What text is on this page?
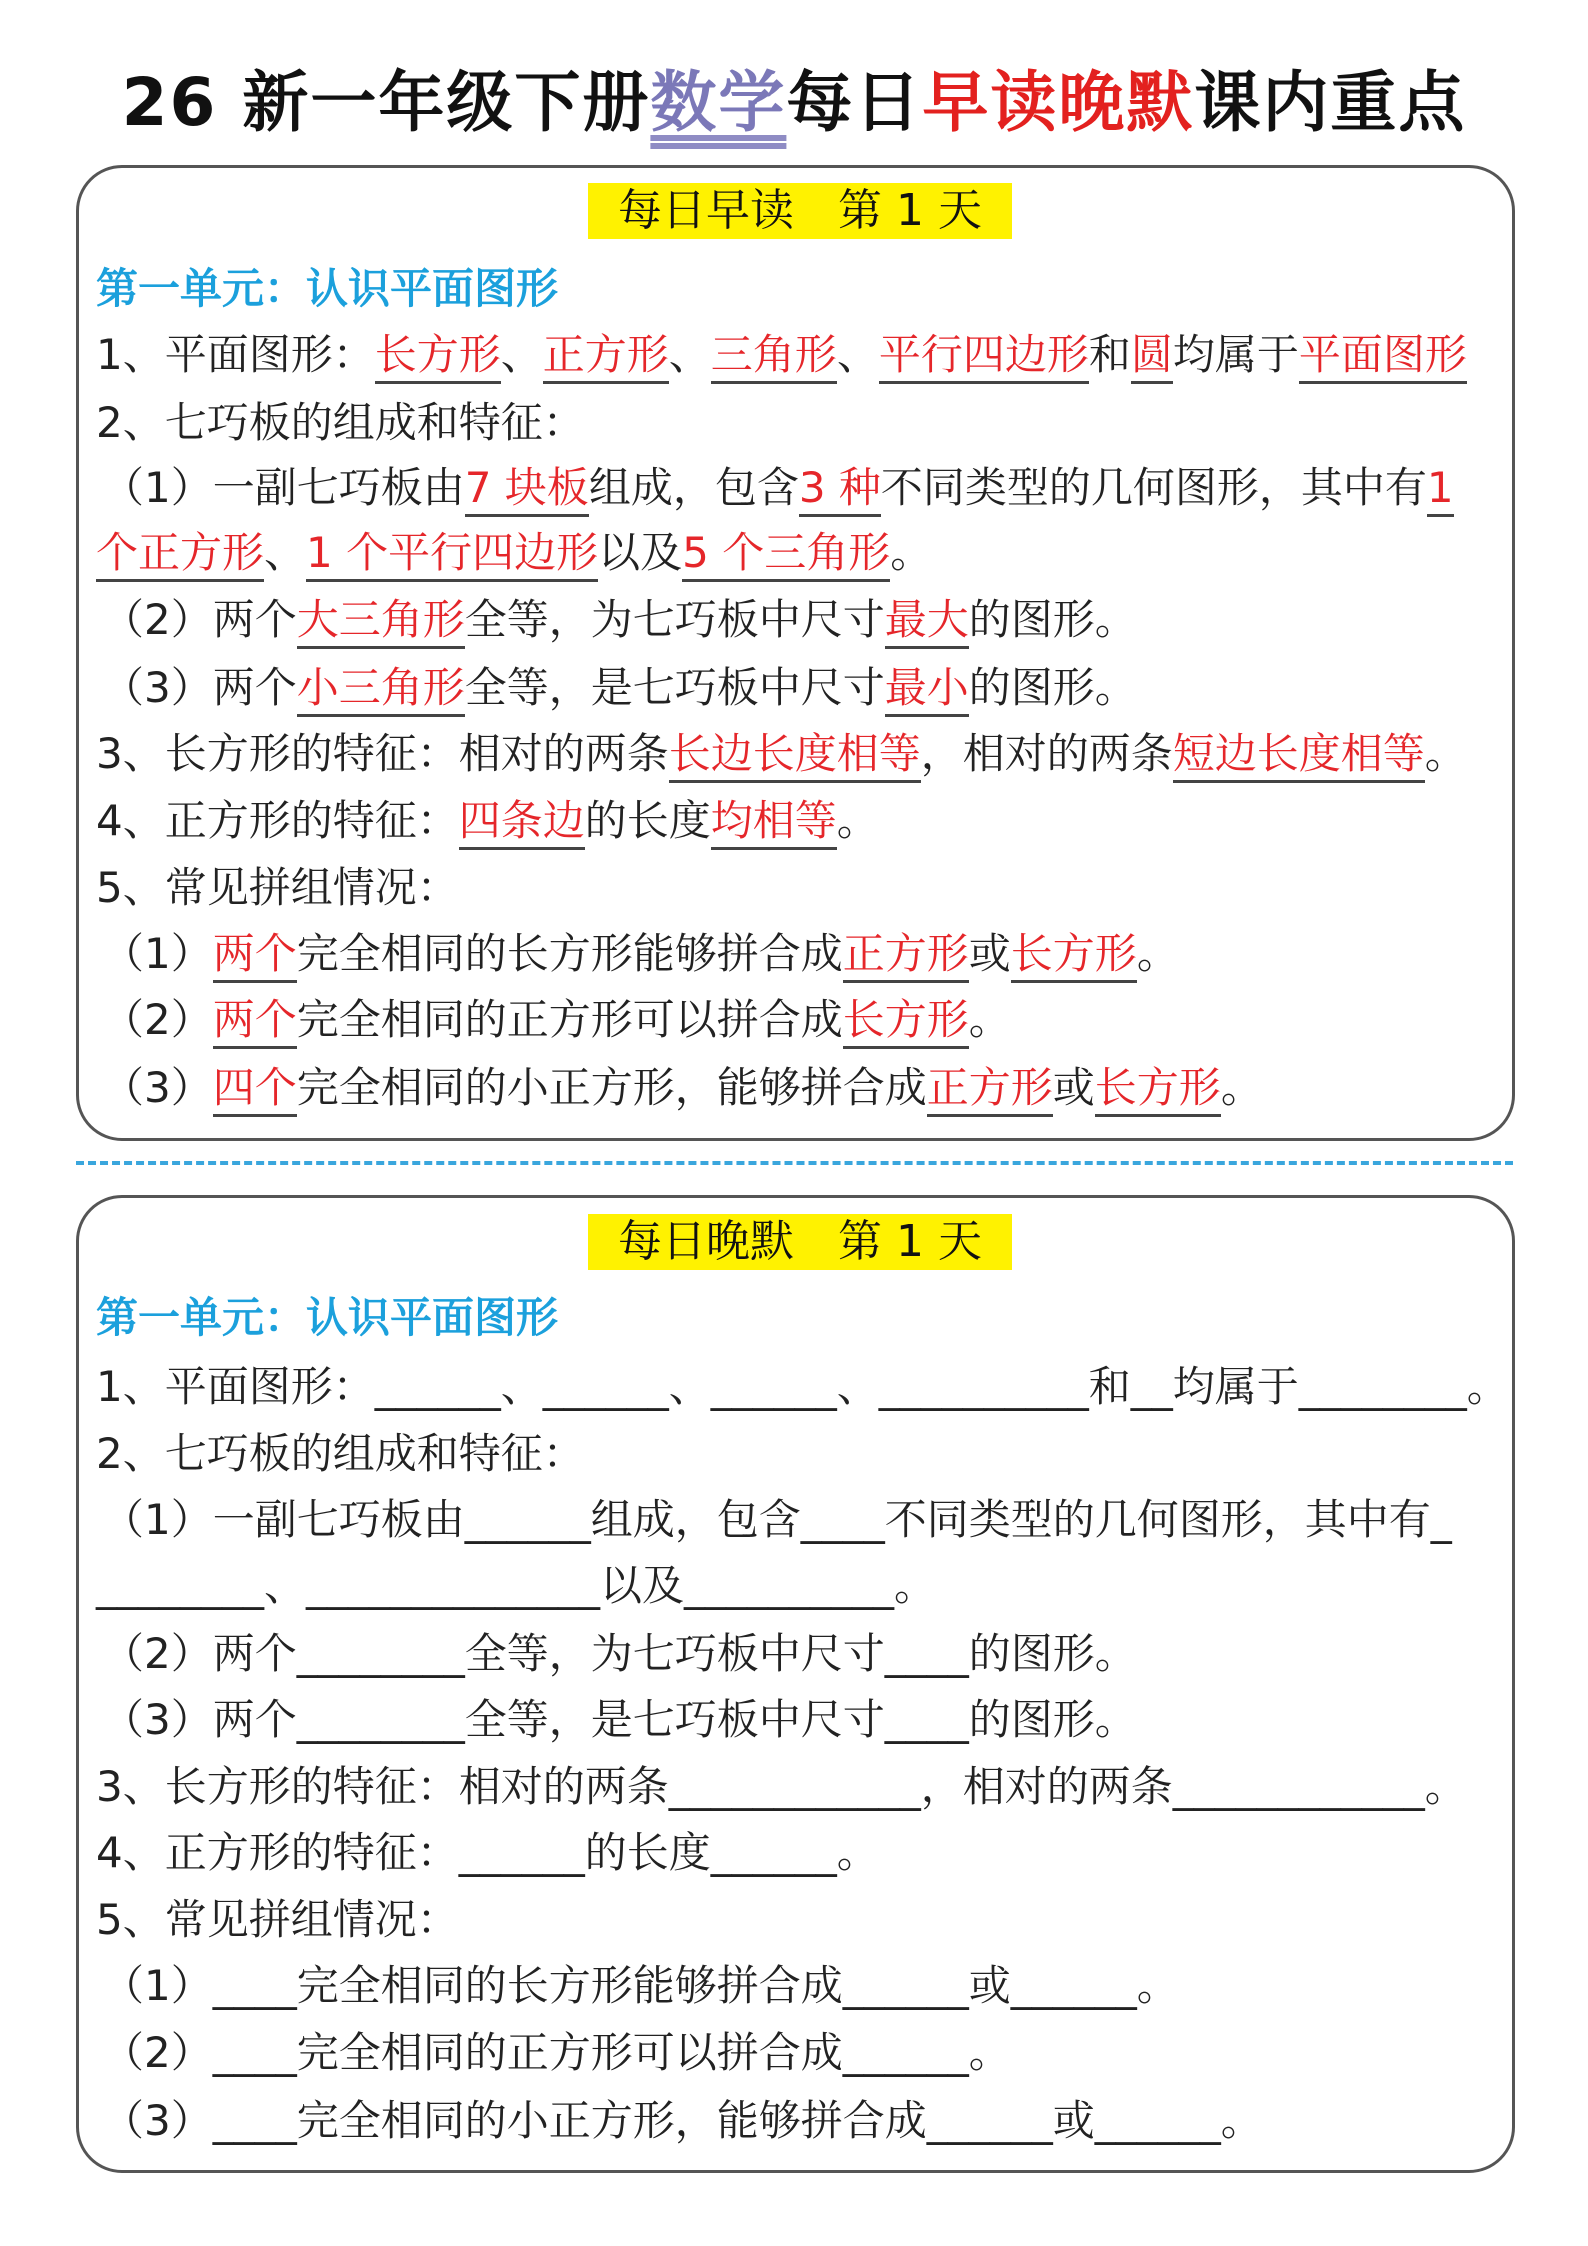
26 新一年级下册数学每日早读晚默课内重点
每日早读　第 1 天
第一单元：认识平面图形
1、平面图形：长方形、正方形、三角形、平行四边形和圆均属于平面图形
2、七巧板的组成和特征：
（1）一副七巧板由7 块板组成，包含3 种不同类型的几何图形，其中有1
个正方形、1 个平行四边形以及5 个三角形。
（2）两个大三角形全等，为七巧板中尺寸最大的图形。
（3）两个小三角形全等，是七巧板中尺寸最小的图形。
3、长方形的特征：相对的两条长边长度相等，相对的两条短边长度相等。
4、正方形的特征：四条边的长度均相等。
5、常见拼组情况：
（1）两个完全相同的长方形能够拼合成正方形或长方形。
（2）两个完全相同的正方形可以拼合成长方形。
（3）四个完全相同的小正方形，能够拼合成正方形或长方形。
每日晚默　第 1 天
第一单元：认识平面图形
1、平面图形：______、______、______、__________和__均属于________。
2、七巧板的组成和特征：
（1）一副七巧板由______组成，包含____不同类型的几何图形，其中有_
________、______________以及__________。
（2）两个________全等，为七巧板中尺寸____的图形。
（3）两个________全等，是七巧板中尺寸____的图形。
3、长方形的特征：相对的两条____________，相对的两条____________。
4、正方形的特征：______的长度______。
5、常见拼组情况：
（1）____完全相同的长方形能够拼合成______或______。
（2）____完全相同的正方形可以拼合成______。
（3）____完全相同的小正方形，能够拼合成______或______。
